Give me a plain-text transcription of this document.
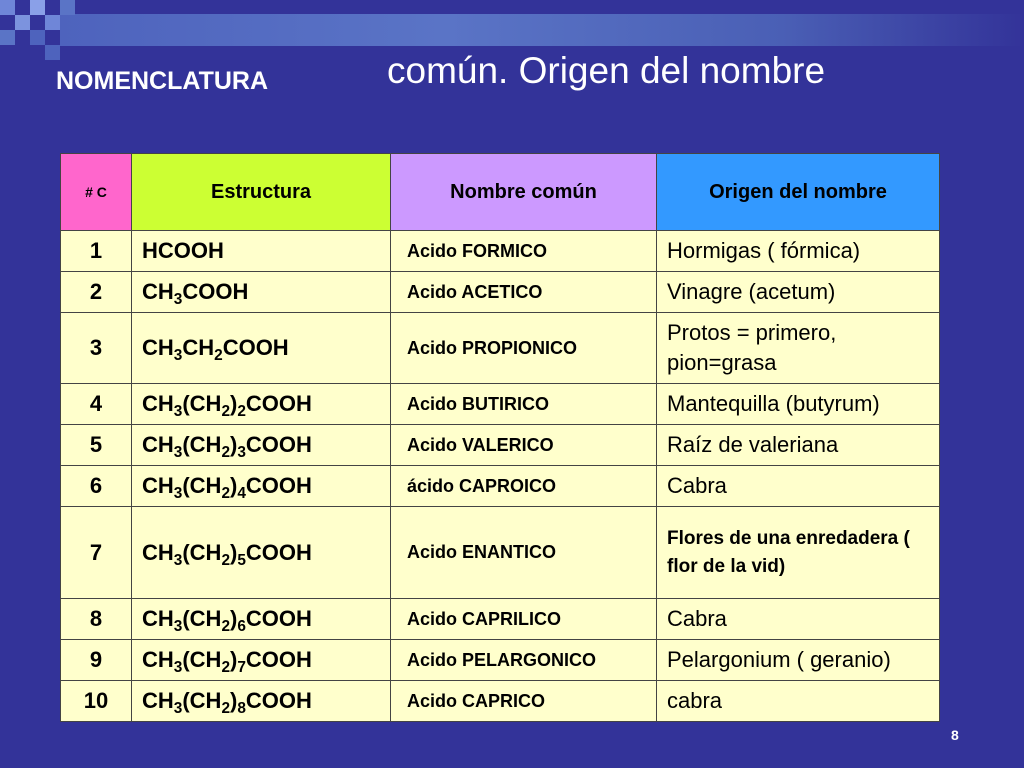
NOMENCLATURA	común. Origen del nombre
# C	Estructura	Nombre común	Origen del nombre
1	HCOOH	Acido FORMICO	Hormigas ( fórmica)
2	$CH_3COOH$	Acido ACETICO	Vinagre (acetum)
3	$CH_3CH_2COOH$	Acido PROPIONICO	Protos = primero, pion=grasa
4	$CH_3(CH_2)_2COOH$	Acido BUTIRICO	Mantequilla (butyrum)
5	$CH_3(CH_2)_3COOH$	Acido VALERICO	Raíz de valeriana
6	$CH_3(CH_2)_4COOH$	ácido CAPROICO	Cabra
7	$CH_3(CH_2)_5COOH$	Acido ENANTICO	Flores de una enredadera ( flor de la vid)
8	$CH_3(CH_2)_6COOH$	Acido CAPRILICO	Cabra
9	$CH_3(CH_2)_7COOH$	Acido PELARGONICO	Pelargonium ( geranio)
10	$CH_3(CH_2)_8COOH$	Acido CAPRICO	cabra
8
